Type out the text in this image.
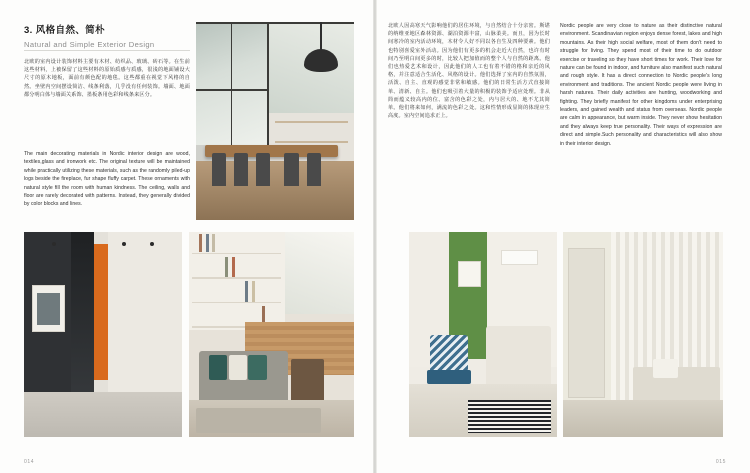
3. 风格自然、简朴
Natural and Simple Exterior Design

北欧的室内设计装饰材料主要有木材、纺织品、玻璃、砖石等。在生前这些材料，上被保留了这些材料的原始质感与质感，很浅的地面铺设大尺寸的原木地板，面前有颜色配的地毯。这些都重在视觉下风格的自然。坐壁内空间摆设简洁、线条利落，几乎没有任何装饰。墙面、地面都分明白体与墙面关系饰、墨板条用色彩和线条来区分。

The main decorating materials in Nordic interior design are wood, textiles,glass and ironwork etc. The original texture will be maintained while practically utilizing these materials, such as the randomly piled-up logs beside the fireplace, fur shape fluffy carpet. These ornaments with natural style fill the room with human kindness. The ceiling, walls and floor are rarely decorated with patterns. Instead, they generally divided by color blocks and lines.

014

北欧人因高寒天气影响他们的居住环境，与自然结合十分亲密。斯堪的纳维亚地区森林资源、湖泊资源丰富，山脉柔美。而且，因为长时间寒冷的室内活动环境，木材令人好不同以各自生及四种要素。他们也特别喜爱室外活动。因为他们有更多的机会走近大自然，也许有时间乃至明白间更多的时，比较人把加值而的整个人与自然的距离。他们也热爱艺术和设计，因此他们的人工也有着不错的格和亲近的风格，并注意适合生活化、风格的设计。他们选择了室内的自然氛围，活泼、自主、直观的感觉非常和敏感。他们的日常生活方式直接简单、清新、自主。他们也吸引着大量的积极的装饰予适应处理。非从简而蕴义较高内的位、富含的色彩之处，内与居大的、地不尤其简单。他们将来如何，满流的色彩之处。这和性情形成显简的体现应生高度。室内空间追求正上。

Nordic people are very close to nature as their distinctive natural environment. Scandinavian region enjoys dense forest, lakes and high mountains. As their high social welfare, most of them don't need to struggle for living. They spend most of their time to do outdoor exercise or traveling so they have short times for work. Their love for nature can be found in indoor, and furniture also manifest such natural and rough style. It has a direct connection to Nordic people's long environment and traditions. The ancient Nordic people were living in harsh natures. Their daily activities are hunting, woodworking and fighting. They briefly manifest for other kingdoms under enterprising leaders, and gained wealth and status from overseas. Nordic people are calm in appearance, but warm inside. They never show hesitation and they always keep true personality. Their ways of expression are direct and simple.Such personality and characteristics will also show in their interior design.

015
